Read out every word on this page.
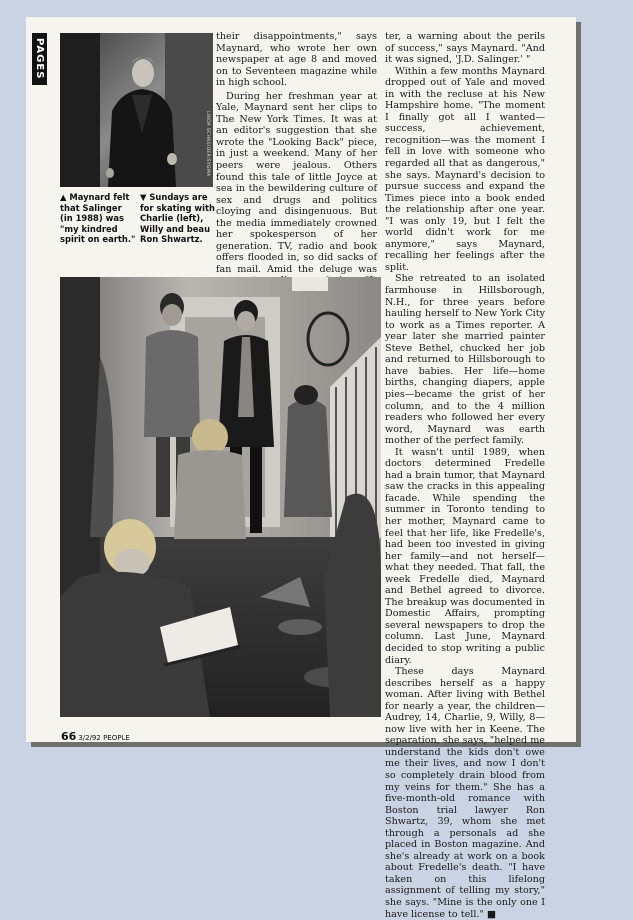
LINDA SCHNEIDER/SYGMA
PAGES
▲ Maynard felt that Salinger (in 1988) was "my kindred spirit on earth."
▼ Sundays are for skating with Charlie (left), Willy and beau Ron Shwartz.

their disappointments," says Maynard, who wrote her own newspaper at age 8 and moved on to Seventeen magazine while in high school.

During her freshman year at Yale, Maynard sent her clips to The New York Times. It was at an editor's suggestion that she wrote the "Looking Back" piece, in just a weekend. Many of her peers were jealous. Others found this tale of little Joyce at sea in the bewildering culture of sex and drugs and politics cloying and disingenuous. But the media immediately crowned her spokesperson of her generation. TV, radio and book offers flooded in, so did sacks of fan mail. Amid the deluge was

ter, a warning about the perils of success," says Maynard. "And it was signed, 'J.D. Salinger.' "

Within a few months Maynard dropped out of Yale and moved in with the recluse at his New Hampshire home. "The moment I finally got all I wanted—success, achievement, recognition—was the moment I fell in love with someone who regarded all that as dangerous," she says. Maynard's decision to pursue success and expand the Times piece into a book ended the relationship after one year. "I was only 19, but I felt the world didn't work for me anymore," says Maynard, recalling her feelings after the split.

She retreated to an isolated farmhouse in Hillsborough, N.H., for three years before hauling herself to New York City to work as a Times reporter. A year later she married painter Steve Bethel, chucked her job and returned to Hillsborough to have babies. Her life—home births, changing diapers, apple pies—became the grist of her column, and to the 4 million readers who followed her every word, Maynard was earth mother of the perfect family.

It wasn't until 1989, when doctors determined Fredelle had a brain tumor, that Maynard saw the cracks in this appealing facade. While spending the summer in Toronto tending to her mother, Maynard came to feel that her life, like Fredelle's, had been too invested in giving her family—and not herself—what they needed. That fall, the week Fredelle died, Maynard and Bethel agreed to divorce. The breakup was documented in Domestic Affairs, prompting several newspapers to drop the column. Last June, Maynard decided to stop writing a public diary.

These days Maynard describes herself as a happy woman. After living with Bethel for nearly a year, the children—Audrey, 14, Charlie, 9, Willy, 8—now live with her in Keene. The separation, she says, "helped me understand the kids don't owe me their lives, and now I don't so completely drain blood from my veins for them." She has a five-month-old romance with Boston trial lawyer Ron Shwartz, 39, whom she met through a personals ad she placed in Boston magazine. And she's already at work on a book about Fredelle's death. "I have taken on this lifelong assignment of telling my story," she says. "Mine is the only one I have license to tell." ■

66 3/2/92 PEOPLE
